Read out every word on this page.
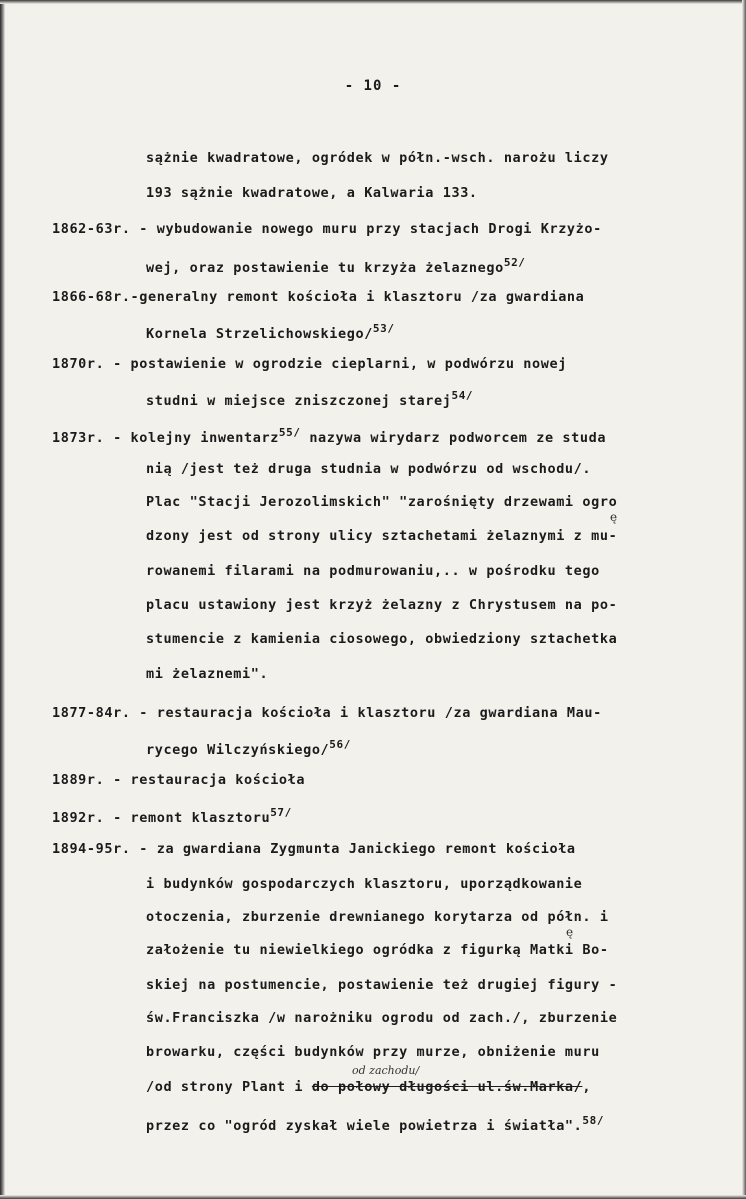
- 10 -
sążnie kwadratowe, ogródek w półn.-wsch. narożu liczy
193 sążnie kwadratowe, a Kalwaria 133.
1862-63r. - wybudowanie nowego muru przy stacjach Drogi Krzyżo-
wej, oraz postawienie tu krzyża żelaznego$^{52/}$
1866-68r.-generalny remont kościoła i klasztoru /za gwardiana
Kornela Strzelichowskiego/$^{53/}$
1870r. - postawienie w ogrodzie cieplarni, w podwórzu nowej
studni w miejsce zniszczonej starej$^{54/}$
1873r. - kolejny inwentarz$^{55/}$ nazywa wirydarz podworcem ze studa
nią /jest też druga studnia w podwórzu od wschodu/.
Plac "Stacji Jerozolimskich" "zarośnięty drzewami ogro
ę
dzony jest od strony ulicy sztachetami żelaznymi z mu-
rowanemi filarami na podmurowaniu,.. w pośrodku tego
placu ustawiony jest krzyż żelazny z Chrystusem na po-
stumencie z kamienia ciosowego, obwiedziony sztachetka
mi żelaznemi".
1877-84r. - restauracja kościoła i klasztoru /za gwardiana Mau-
rycego Wilczyńskiego/$^{56/}$
1889r. - restauracja kościoła
1892r. - remont klasztoru$^{57/}$
1894-95r. - za gwardiana Zygmunta Janickiego remont kościoła
i budynków gospodarczych klasztoru, uporządkowanie
otoczenia, zburzenie drewnianego korytarza od półn. i
ę
założenie tu niewielkiego ogródka z figurką Matki Bo-
skiej na postumencie, postawienie też drugiej figury -
św.Franciszka /w narożniku ogrodu od zach./, zburzenie
browarku, części budynków przy murze, obniżenie muru
od zachodu/
/od strony Plant i do połowy długości ul.św.Marka/,
przez co "ogród zyskał wiele powietrza i światła".$^{58/}$
